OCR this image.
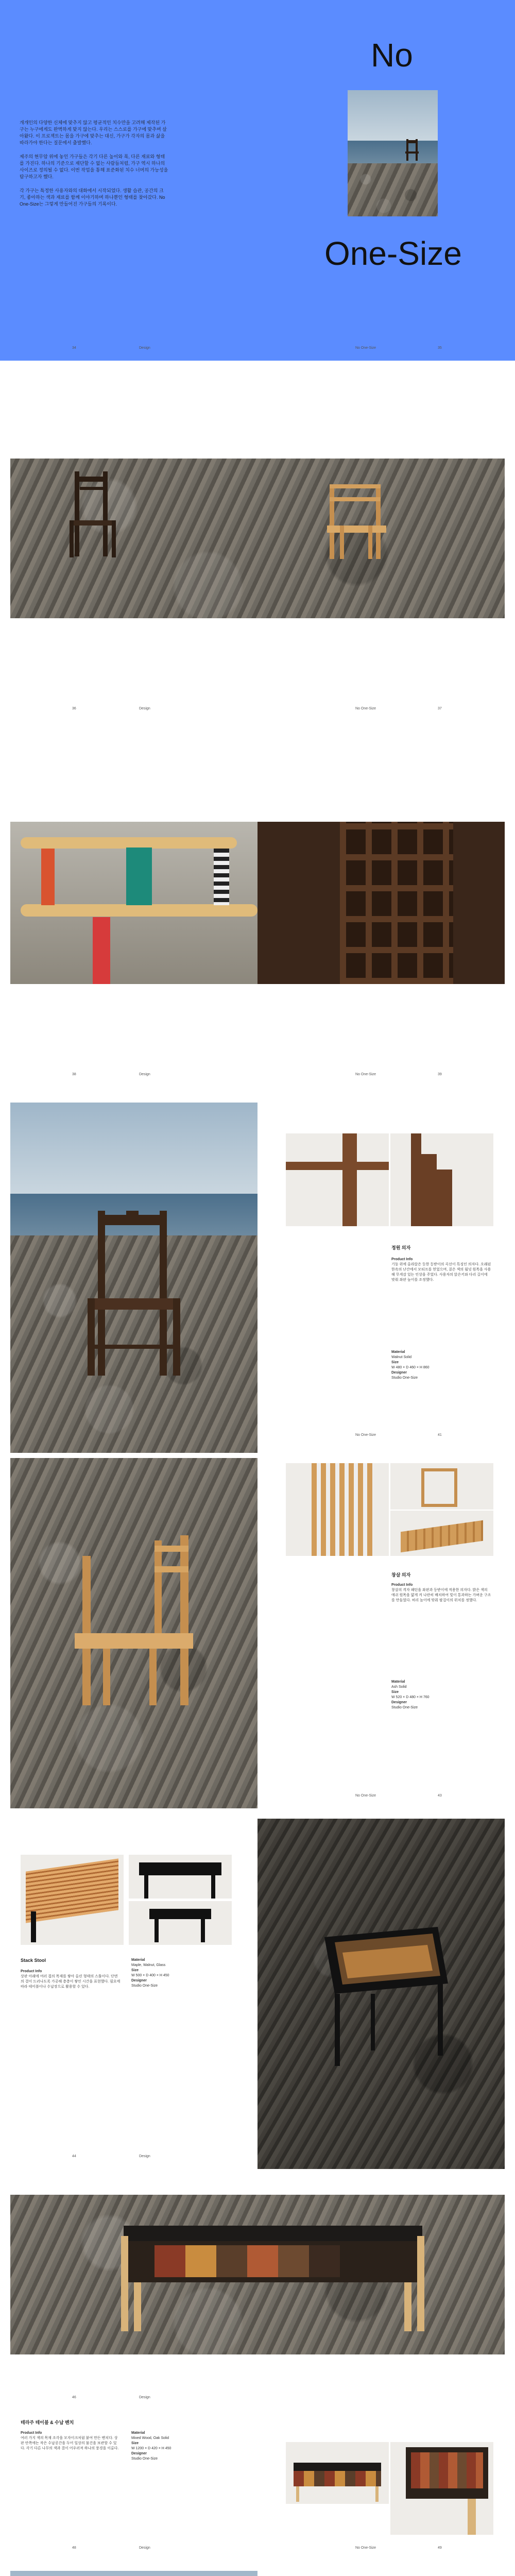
No
One-Size

개개인의 다양한 신체에 맞추지 않고 평균적인 치수만을 고려해 제작된 가구는 누구에게도 완벽하게 맞지 않는다. 우리는 스스로를 가구에 맞추며 살아왔다. 이 프로젝트는 몸을 가구에 맞추는 대신, 가구가 각자의 몸과 삶을 따라가야 한다는 질문에서 출발했다.

제주의 현무암 위에 놓인 가구들은 각기 다른 높이와 폭, 다른 재료와 형태를 가진다. 하나의 기준으로 재단할 수 없는 사람들처럼, 가구 역시 하나의 사이즈로 정의될 수 없다. 이번 작업을 통해 표준화된 치수 너머의 가능성을 탐구하고자 했다.

각 가구는 특정한 사용자와의 대화에서 시작되었다. 생활 습관, 공간의 크기, 좋아하는 색과 재료를 함께 이야기하며 하나뿐인 형태를 찾아갔다. No One-Size는 그렇게 만들어진 가구들의 기록이다.

34	Design	No One-Size	35
36	Design	No One-Size	37
38	Design	No One-Size	39
정원 의자
Product Info

기둥 위에 올라앉은 듯한 등받이의 곡선이 특징인 의자다. 오래된 한옥의 난간에서 모티프를 얻었으며, 짙은 색의 월넛 원목을 사용해 무게감 있는 인상을 주었다. 사용자의 앉은키와 다리 길이에 맞춰 좌판 높이를 조정했다.

Material
Walnut Solid
Size
W 480 × D 460 × H 860
Designer
Studio One-Size
No One-Size	41
창살 의자
Product Info

창살의 격자 패턴을 좌판과 등받이에 적용한 의자다. 밝은 색의 애쉬 원목을 얇게 켜 나란히 배치하여 빛이 통과하는 가벼운 구조를 만들었다. 허리 높이에 맞춰 팔걸이의 위치를 정했다.

Material
Ash Solid
Size
W 520 × D 480 × H 760
Designer
Studio One-Size
No One-Size	43
Stack Stool
Product Info

상판 아래에 여러 겹의 목재를 쌓아 올린 형태의 스툴이다. 단면의 결이 드러나도록 가공해 층층이 쌓인 시간을 표현했다. 필요에 따라 테이블이나 수납장으로 활용할 수 있다.

Material
Maple, Walnut, Glass
Size
W 500 × D 400 × H 450
Designer
Studio One-Size
44	Design
46	Design
테라주 테이블 & 수납 벤치
Product Info

여러 가지 색의 목재 조각을 모자이크처럼 붙여 만든 벤치다. 상판 안쪽에는 작은 수납공간을 두어 일상의 물건을 보관할 수 있다. 각기 다른 나무의 색과 결이 어우러져 하나의 풍경을 이룬다.

Material
Mixed Wood, Oak Solid
Size
W 1200 × D 420 × H 450
Designer
Studio One-Size
48	Design	No One-Size	49
